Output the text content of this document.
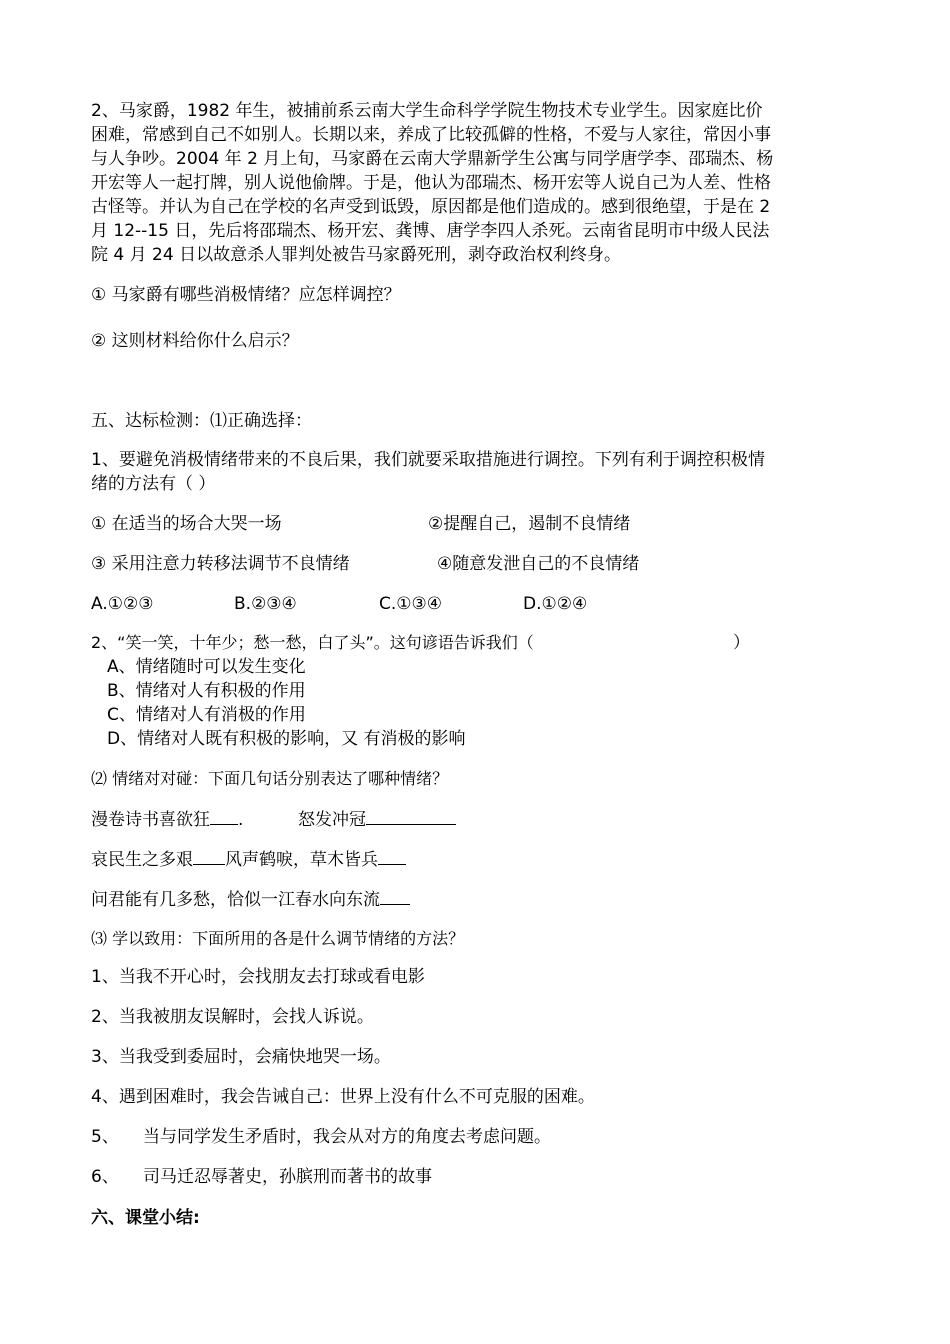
2、马家爵，1982 年生，被捕前系云南大学生命科学学院生物技术专业学生。因家庭比价
困难，常感到自己不如别人。长期以来，养成了比较孤僻的性格，不爱与人家往，常因小事
与人争吵。2004 年 2 月上旬，马家爵在云南大学鼎新学生公寓与同学唐学李、邵瑞杰、杨
开宏等人一起打牌，别人说他偷牌。于是，他认为邵瑞杰、杨开宏等人说自己为人差、性格
古怪等。并认为自己在学校的名声受到诋毁，原因都是他们造成的。感到很绝望，于是在 2
月 12--15 日，先后将邵瑞杰、杨开宏、龚博、唐学李四人杀死。云南省昆明市中级人民法
院 4 月 24 日以故意杀人罪判处被告马家爵死刑，剥夺政治权利终身。
① 马家爵有哪些消极情绪？应怎样调控？
② 这则材料给你什么启示？
五、达标检测：⑴正确选择：
1、要避免消极情绪带来的不良后果，我们就要采取措施进行调控。下列有利于调控积极情
绪的方法有（ ）
① 在适当的场合大哭一场	②提醒自己，遏制不良情绪
③ 采用注意力转移法调节不良情绪	④随意发泄自己的不良情绪
A.①②③	B.②③④	C.①③④	D.①②④
2、“笑一笑，十年少；愁一愁，白了头”。这句谚语告诉我们（	）
A、情绪随时可以发生变化
B、情绪对人有积极的作用
C、情绪对人有消极的作用
D、情绪对人既有积极的影响，又 有消极的影响
⑵ 情绪对对碰：下面几句话分别表达了哪种情绪？
漫卷诗书喜欲狂 .	怒发冲冠
哀民生之多艰 风声鹤唳，草木皆兵
问君能有几多愁，恰似一江春水向东流
⑶ 学以致用：下面所用的各是什么调节情绪的方法？
1、当我不开心时，会找朋友去打球或看电影
2、当我被朋友误解时，会找人诉说。
3、当我受到委屈时，会痛快地哭一场。
4、遇到困难时，我会告诫自己：世界上没有什么不可克服的困难。
5、 当与同学发生矛盾时，我会从对方的角度去考虑问题。
6、 司马迁忍辱著史，孙膑刑而著书的故事
六、课堂小结:
